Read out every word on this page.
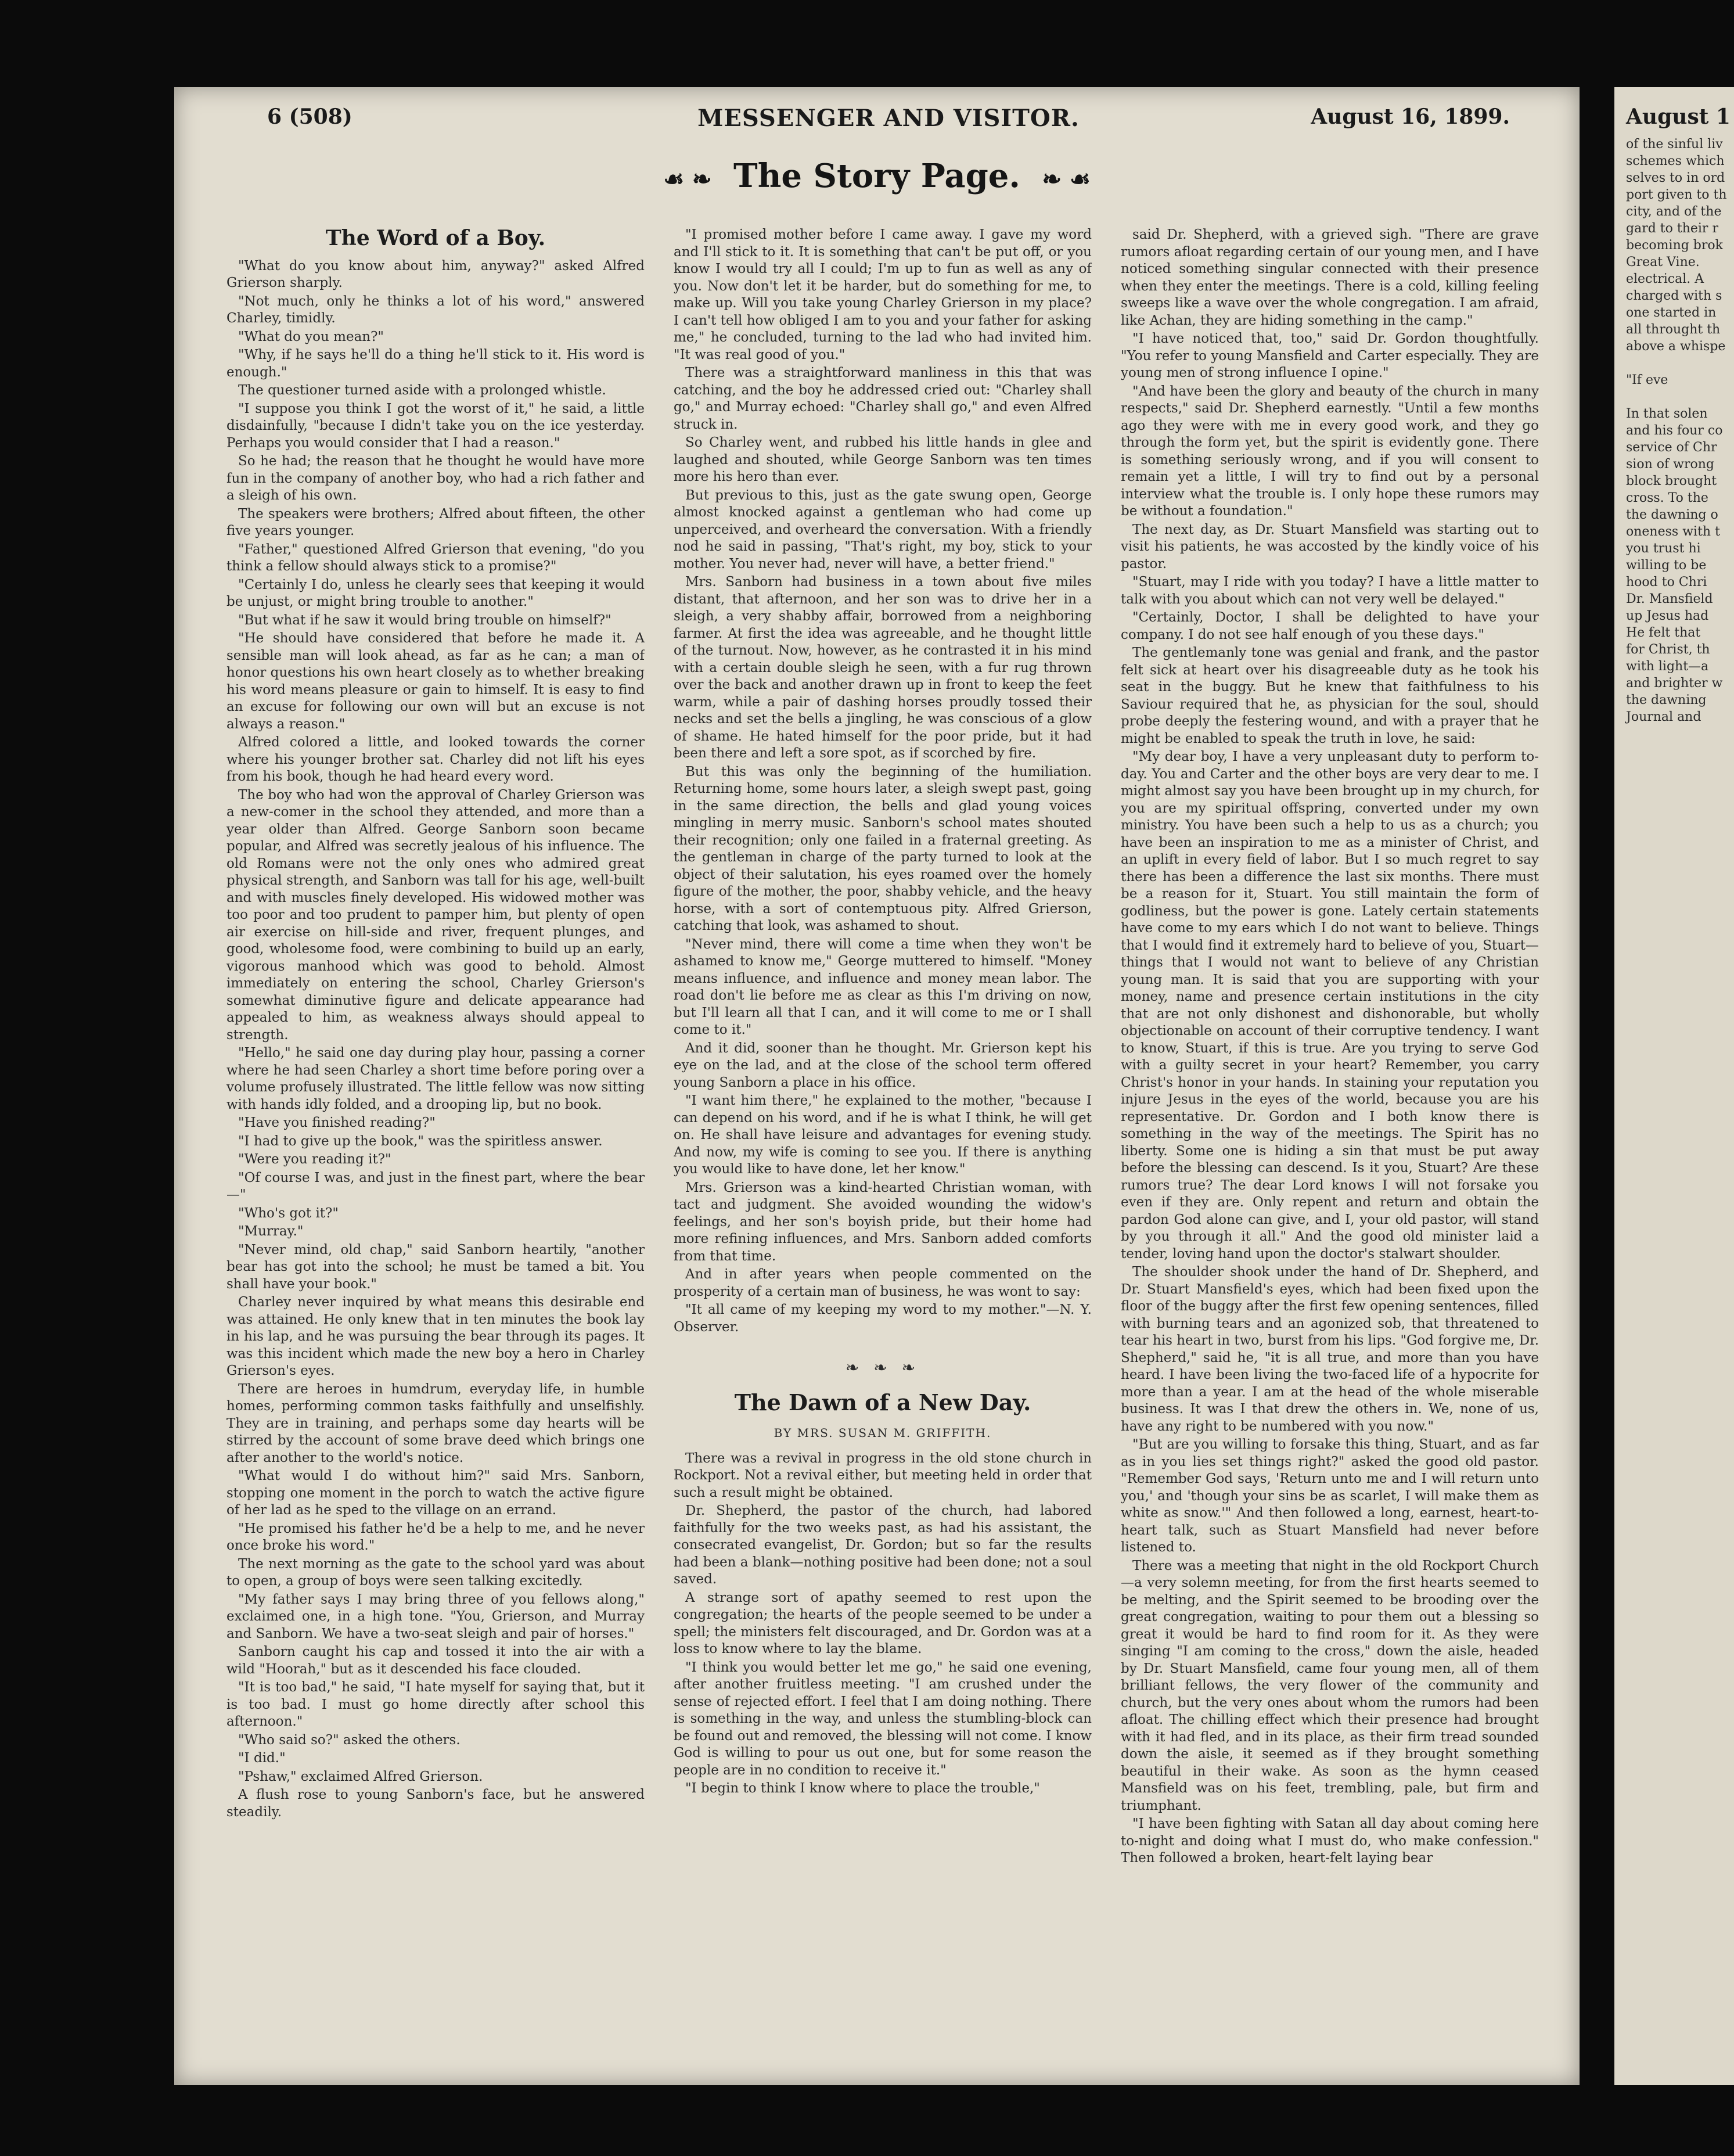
6 (508)	MESSENGER AND VISITOR.	August 16, 1899.
☙ ❧ The Story Page. ❧ ☙
The Word of a Boy.

"What do you know about him, anyway?" asked Alfred Grierson sharply.

"Not much, only he thinks a lot of his word," answered Charley, timidly.

"What do you mean?"

"Why, if he says he'll do a thing he'll stick to it. His word is enough."

The questioner turned aside with a prolonged whistle.

"I suppose you think I got the worst of it," he said, a little disdainfully, "because I didn't take you on the ice yesterday. Perhaps you would consider that I had a reason."

So he had; the reason that he thought he would have more fun in the company of another boy, who had a rich father and a sleigh of his own.

The speakers were brothers; Alfred about fifteen, the other five years younger.

"Father," questioned Alfred Grierson that evening, "do you think a fellow should always stick to a promise?"

"Certainly I do, unless he clearly sees that keeping it would be unjust, or might bring trouble to another."

"But what if he saw it would bring trouble on himself?"

"He should have considered that before he made it. A sensible man will look ahead, as far as he can; a man of honor questions his own heart closely as to whether breaking his word means pleasure or gain to himself. It is easy to find an excuse for following our own will but an excuse is not always a reason."

Alfred colored a little, and looked towards the corner where his younger brother sat. Charley did not lift his eyes from his book, though he had heard every word.

The boy who had won the approval of Charley Grierson was a new-comer in the school they attended, and more than a year older than Alfred. George Sanborn soon became popular, and Alfred was secretly jealous of his influence. The old Romans were not the only ones who admired great physical strength, and Sanborn was tall for his age, well-built and with muscles finely developed. His widowed mother was too poor and too prudent to pamper him, but plenty of open air exercise on hill-side and river, frequent plunges, and good, wholesome food, were combining to build up an early, vigorous manhood which was good to behold. Almost immediately on entering the school, Charley Grierson's somewhat diminutive figure and delicate appearance had appealed to him, as weakness always should appeal to strength.

"Hello," he said one day during play hour, passing a corner where he had seen Charley a short time before poring over a volume profusely illustrated. The little fellow was now sitting with hands idly folded, and a drooping lip, but no book.

"Have you finished reading?"

"I had to give up the book," was the spiritless answer.

"Were you reading it?"

"Of course I was, and just in the finest part, where the bear—"

"Who's got it?"

"Murray."

"Never mind, old chap," said Sanborn heartily, "another bear has got into the school; he must be tamed a bit. You shall have your book."

Charley never inquired by what means this desirable end was attained. He only knew that in ten minutes the book lay in his lap, and he was pursuing the bear through its pages. It was this incident which made the new boy a hero in Charley Grierson's eyes.

There are heroes in humdrum, everyday life, in humble homes, performing common tasks faithfully and unselfishly. They are in training, and perhaps some day hearts will be stirred by the account of some brave deed which brings one after another to the world's notice.

"What would I do without him?" said Mrs. Sanborn, stopping one moment in the porch to watch the active figure of her lad as he sped to the village on an errand.

"He promised his father he'd be a help to me, and he never once broke his word."

The next morning as the gate to the school yard was about to open, a group of boys were seen talking excitedly.

"My father says I may bring three of you fellows along," exclaimed one, in a high tone. "You, Grierson, and Murray and Sanborn. We have a two-seat sleigh and pair of horses."

Sanborn caught his cap and tossed it into the air with a wild "Hoorah," but as it descended his face clouded.

"It is too bad," he said, "I hate myself for saying that, but it is too bad. I must go home directly after school this afternoon."

"Who said so?" asked the others.

"I did."

"Pshaw," exclaimed Alfred Grierson.

A flush rose to young Sanborn's face, but he answered steadily.

"I promised mother before I came away. I gave my word and I'll stick to it. It is something that can't be put off, or you know I would try all I could; I'm up to fun as well as any of you. Now don't let it be harder, but do something for me, to make up. Will you take young Charley Grierson in my place? I can't tell how obliged I am to you and your father for asking me," he concluded, turning to the lad who had invited him. "It was real good of you."

There was a straightforward manliness in this that was catching, and the boy he addressed cried out: "Charley shall go," and Murray echoed: "Charley shall go," and even Alfred struck in.

So Charley went, and rubbed his little hands in glee and laughed and shouted, while George Sanborn was ten times more his hero than ever.

But previous to this, just as the gate swung open, George almost knocked against a gentleman who had come up unperceived, and overheard the conversation. With a friendly nod he said in passing, "That's right, my boy, stick to your mother. You never had, never will have, a better friend."

Mrs. Sanborn had business in a town about five miles distant, that afternoon, and her son was to drive her in a sleigh, a very shabby affair, borrowed from a neighboring farmer. At first the idea was agreeable, and he thought little of the turnout. Now, however, as he contrasted it in his mind with a certain double sleigh he seen, with a fur rug thrown over the back and another drawn up in front to keep the feet warm, while a pair of dashing horses proudly tossed their necks and set the bells a jingling, he was conscious of a glow of shame. He hated himself for the poor pride, but it had been there and left a sore spot, as if scorched by fire.

But this was only the beginning of the humiliation. Returning home, some hours later, a sleigh swept past, going in the same direction, the bells and glad young voices mingling in merry music. Sanborn's school mates shouted their recognition; only one failed in a fraternal greeting. As the gentleman in charge of the party turned to look at the object of their salutation, his eyes roamed over the homely figure of the mother, the poor, shabby vehicle, and the heavy horse, with a sort of contemptuous pity. Alfred Grierson, catching that look, was ashamed to shout.

"Never mind, there will come a time when they won't be ashamed to know me," George muttered to himself. "Money means influence, and influence and money mean labor. The road don't lie before me as clear as this I'm driving on now, but I'll learn all that I can, and it will come to me or I shall come to it."

And it did, sooner than he thought. Mr. Grierson kept his eye on the lad, and at the close of the school term offered young Sanborn a place in his office.

"I want him there," he explained to the mother, "because I can depend on his word, and if he is what I think, he will get on. He shall have leisure and advantages for evening study. And now, my wife is coming to see you. If there is anything you would like to have done, let her know."

Mrs. Grierson was a kind-hearted Christian woman, with tact and judgment. She avoided wounding the widow's feelings, and her son's boyish pride, but their home had more refining influences, and Mrs. Sanborn added comforts from that time.

And in after years when people commented on the prosperity of a certain man of business, he was wont to say:

"It all came of my keeping my word to my mother."—N. Y. Observer.

❧ ❧ ❧
The Dawn of a New Day.
BY MRS. SUSAN M. GRIFFITH.

There was a revival in progress in the old stone church in Rockport. Not a revival either, but meeting held in order that such a result might be obtained.

Dr. Shepherd, the pastor of the church, had labored faithfully for the two weeks past, as had his assistant, the consecrated evangelist, Dr. Gordon; but so far the results had been a blank—nothing positive had been done; not a soul saved.

A strange sort of apathy seemed to rest upon the congregation; the hearts of the people seemed to be under a spell; the ministers felt discouraged, and Dr. Gordon was at a loss to know where to lay the blame.

"I think you would better let me go," he said one evening, after another fruitless meeting. "I am crushed under the sense of rejected effort. I feel that I am doing nothing. There is something in the way, and unless the stumbling-block can be found out and removed, the blessing will not come. I know God is willing to pour us out one, but for some reason the people are in no condition to receive it."

"I begin to think I know where to place the trouble,"

said Dr. Shepherd, with a grieved sigh. "There are grave rumors afloat regarding certain of our young men, and I have noticed something singular connected with their presence when they enter the meetings. There is a cold, killing feeling sweeps like a wave over the whole congregation. I am afraid, like Achan, they are hiding something in the camp."

"I have noticed that, too," said Dr. Gordon thoughtfully. "You refer to young Mansfield and Carter especially. They are young men of strong influence I opine."

"And have been the glory and beauty of the church in many respects," said Dr. Shepherd earnestly. "Until a few months ago they were with me in every good work, and they go through the form yet, but the spirit is evidently gone. There is something seriously wrong, and if you will consent to remain yet a little, I will try to find out by a personal interview what the trouble is. I only hope these rumors may be without a foundation."

The next day, as Dr. Stuart Mansfield was starting out to visit his patients, he was accosted by the kindly voice of his pastor.

"Stuart, may I ride with you today? I have a little matter to talk with you about which can not very well be delayed."

"Certainly, Doctor, I shall be delighted to have your company. I do not see half enough of you these days."

The gentlemanly tone was genial and frank, and the pastor felt sick at heart over his disagreeable duty as he took his seat in the buggy. But he knew that faithfulness to his Saviour required that he, as physician for the soul, should probe deeply the festering wound, and with a prayer that he might be enabled to speak the truth in love, he said:

"My dear boy, I have a very unpleasant duty to perform to-day. You and Carter and the other boys are very dear to me. I might almost say you have been brought up in my church, for you are my spiritual offspring, converted under my own ministry. You have been such a help to us as a church; you have been an inspiration to me as a minister of Christ, and an uplift in every field of labor. But I so much regret to say there has been a difference the last six months. There must be a reason for it, Stuart. You still maintain the form of godliness, but the power is gone. Lately certain statements have come to my ears which I do not want to believe. Things that I would find it extremely hard to believe of you, Stuart—things that I would not want to believe of any Christian young man. It is said that you are supporting with your money, name and presence certain institutions in the city that are not only dishonest and dishonorable, but wholly objectionable on account of their corruptive tendency. I want to know, Stuart, if this is true. Are you trying to serve God with a guilty secret in your heart? Remember, you carry Christ's honor in your hands. In staining your reputation you injure Jesus in the eyes of the world, because you are his representative. Dr. Gordon and I both know there is something in the way of the meetings. The Spirit has no liberty. Some one is hiding a sin that must be put away before the blessing can descend. Is it you, Stuart? Are these rumors true? The dear Lord knows I will not forsake you even if they are. Only repent and return and obtain the pardon God alone can give, and I, your old pastor, will stand by you through it all." And the good old minister laid a tender, loving hand upon the doctor's stalwart shoulder.

The shoulder shook under the hand of Dr. Shepherd, and Dr. Stuart Mansfield's eyes, which had been fixed upon the floor of the buggy after the first few opening sentences, filled with burning tears and an agonized sob, that threatened to tear his heart in two, burst from his lips. "God forgive me, Dr. Shepherd," said he, "it is all true, and more than you have heard. I have been living the two-faced life of a hypocrite for more than a year. I am at the head of the whole miserable business. It was I that drew the others in. We, none of us, have any right to be numbered with you now."

"But are you willing to forsake this thing, Stuart, and as far as in you lies set things right?" asked the good old pastor. "Remember God says, 'Return unto me and I will return unto you,' and 'though your sins be as scarlet, I will make them as white as snow.'" And then followed a long, earnest, heart-to-heart talk, such as Stuart Mansfield had never before listened to.

There was a meeting that night in the old Rockport Church—a very solemn meeting, for from the first hearts seemed to be melting, and the Spirit seemed to be brooding over the great congregation, waiting to pour them out a blessing so great it would be hard to find room for it. As they were singing "I am coming to the cross," down the aisle, headed by Dr. Stuart Mansfield, came four young men, all of them brilliant fellows, the very flower of the community and church, but the very ones about whom the rumors had been afloat. The chilling effect which their presence had brought with it had fled, and in its place, as their firm tread sounded down the aisle, it seemed as if they brought something beautiful in their wake. As soon as the hymn ceased Mansfield was on his feet, trembling, pale, but firm and triumphant.

"I have been fighting with Satan all day about coming here to-night and doing what I must do, who make confession." Then followed a broken, heart-felt laying bear

August 1
of the sinful liv
schemes which
selves to in ord
port given to th
city, and of the
gard to their r
becoming brok
Great Vine.
electrical. A
charged with s
one started in
all throught th
above a whispe

"If eve

In that solen
and his four co
service of Chr
sion of wrong
block brought
cross. To the
the dawning o
oneness with t
you trust hi
willing to be
hood to Chri
Dr. Mansfield
up Jesus had
He felt that
for Christ, th
with light—a
and brighter w
the dawning
Journal and
